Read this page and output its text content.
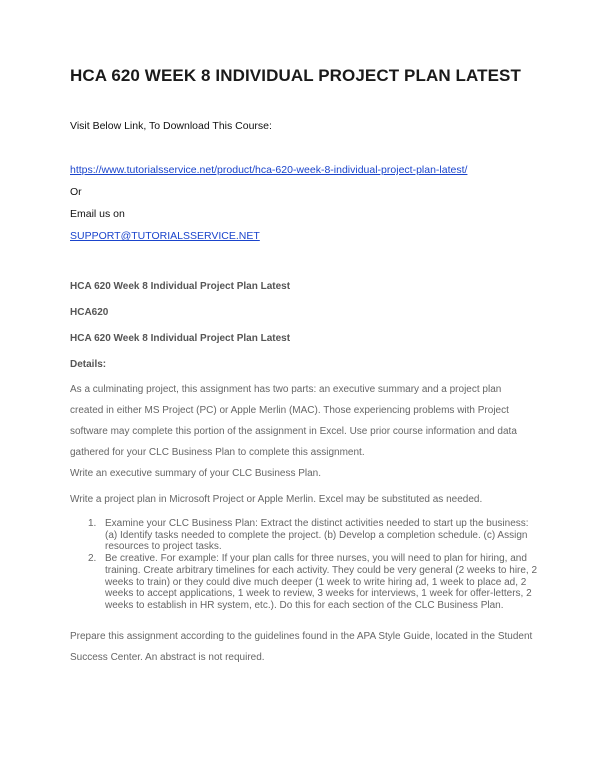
HCA 620 WEEK 8 INDIVIDUAL PROJECT PLAN LATEST
Visit Below Link, To Download This Course:
https://www.tutorialsservice.net/product/hca-620-week-8-individual-project-plan-latest/
Or
Email us on
SUPPORT@TUTORIALSSERVICE.NET
HCA 620 Week 8 Individual Project Plan Latest
HCA620
HCA 620 Week 8 Individual Project Plan Latest
Details:
As a culminating project, this assignment has two parts: an executive summary and a project plan created in either MS Project (PC) or Apple Merlin (MAC). Those experiencing problems with Project software may complete this portion of the assignment in Excel. Use prior course information and data gathered for your CLC Business Plan to complete this assignment.
Write an executive summary of your CLC Business Plan.
Write a project plan in Microsoft Project or Apple Merlin. Excel may be substituted as needed.
1. Examine your CLC Business Plan: Extract the distinct activities needed to start up the business: (a) Identify tasks needed to complete the project. (b) Develop a completion schedule. (c) Assign resources to project tasks.
2. Be creative. For example: If your plan calls for three nurses, you will need to plan for hiring, and training. Create arbitrary timelines for each activity. They could be very general (2 weeks to hire, 2 weeks to train) or they could dive much deeper (1 week to write hiring ad, 1 week to place ad, 2 weeks to accept applications, 1 week to review, 3 weeks for interviews, 1 week for offer-letters, 2 weeks to establish in HR system, etc.). Do this for each section of the CLC Business Plan.
Prepare this assignment according to the guidelines found in the APA Style Guide, located in the Student Success Center. An abstract is not required.
